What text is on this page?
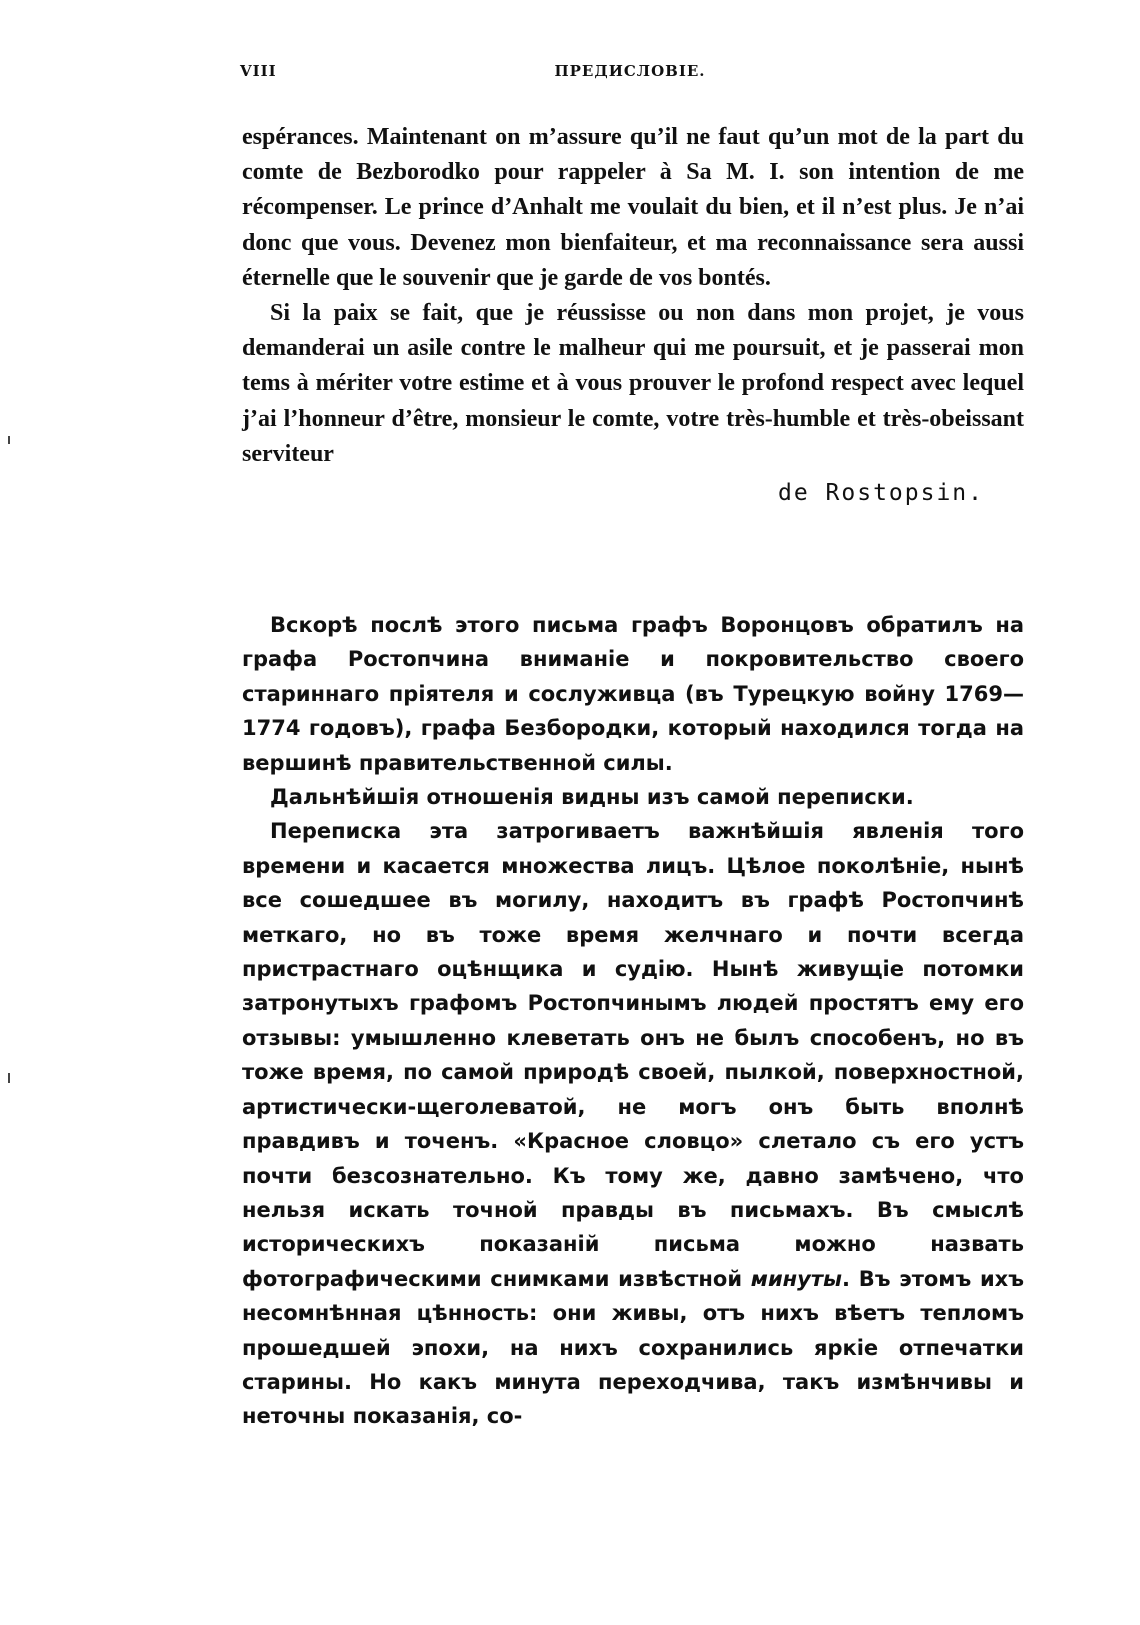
VIII	ПРЕДИСЛОВІЕ.

espérances. Maintenant on m’assure qu’il ne faut qu’un mot de la part du comte de Bezborodko pour rappeler à Sa M. I. son intention de me récompenser. Le prince d’Anhalt me voulait du bien, et il n’est plus. Je n’ai donc que vous. Devenez mon bienfaiteur, et ma reconnaissance sera aussi éternelle que le souvenir que je garde de vos bontés.

Si la paix se fait, que je réussisse ou non dans mon projet, je vous demanderai un asile contre le malheur qui me poursuit, et je passerai mon tems à mériter votre estime et à vous prouver le profond respect avec lequel j’ai l’honneur d’être, monsieur le comte, votre très-humble et très-obeissant serviteur

de Rostopsin.

Вскорѣ послѣ этого письма графъ Воронцовъ обратилъ на графа Ростопчина вниманіе и покровительство своего стариннаго пріятеля и сослуживца (въ Турецкую войну 1769—1774 годовъ), графа Безбородки, который находился тогда на вершинѣ правительственной силы.

Дальнѣйшія отношенія видны изъ самой переписки.

Переписка эта затрогиваетъ важнѣйшія явленія того времени и касается множества лицъ. Цѣлое поколѣніе, нынѣ все сошедшее въ могилу, находитъ въ графѣ Ростопчинѣ меткаго, но въ тоже время желчнаго и почти всегда пристрастнаго оцѣнщика и судію. Нынѣ живущіе потомки затронутыхъ графомъ Ростопчинымъ людей простятъ ему его отзывы: умышленно клеветать онъ не былъ способенъ, но въ тоже время, по самой природѣ своей, пылкой, поверхностной, артистически-щеголеватой, не могъ онъ быть вполнѣ правдивъ и точенъ. «Красное словцо» слетало съ его устъ почти безсознательно. Къ тому же, давно замѣчено, что нельзя искать точной правды въ письмахъ. Въ смыслѣ историческихъ показаній письма можно назвать фотографическими снимками извѣстной минуты. Въ этомъ ихъ несомнѣнная цѣнность: они живы, отъ нихъ вѣетъ тепломъ прошедшей эпохи, на нихъ сохранились яркіе отпечатки старины. Но какъ минута переходчива, такъ измѣнчивы и неточны показанія, со-
